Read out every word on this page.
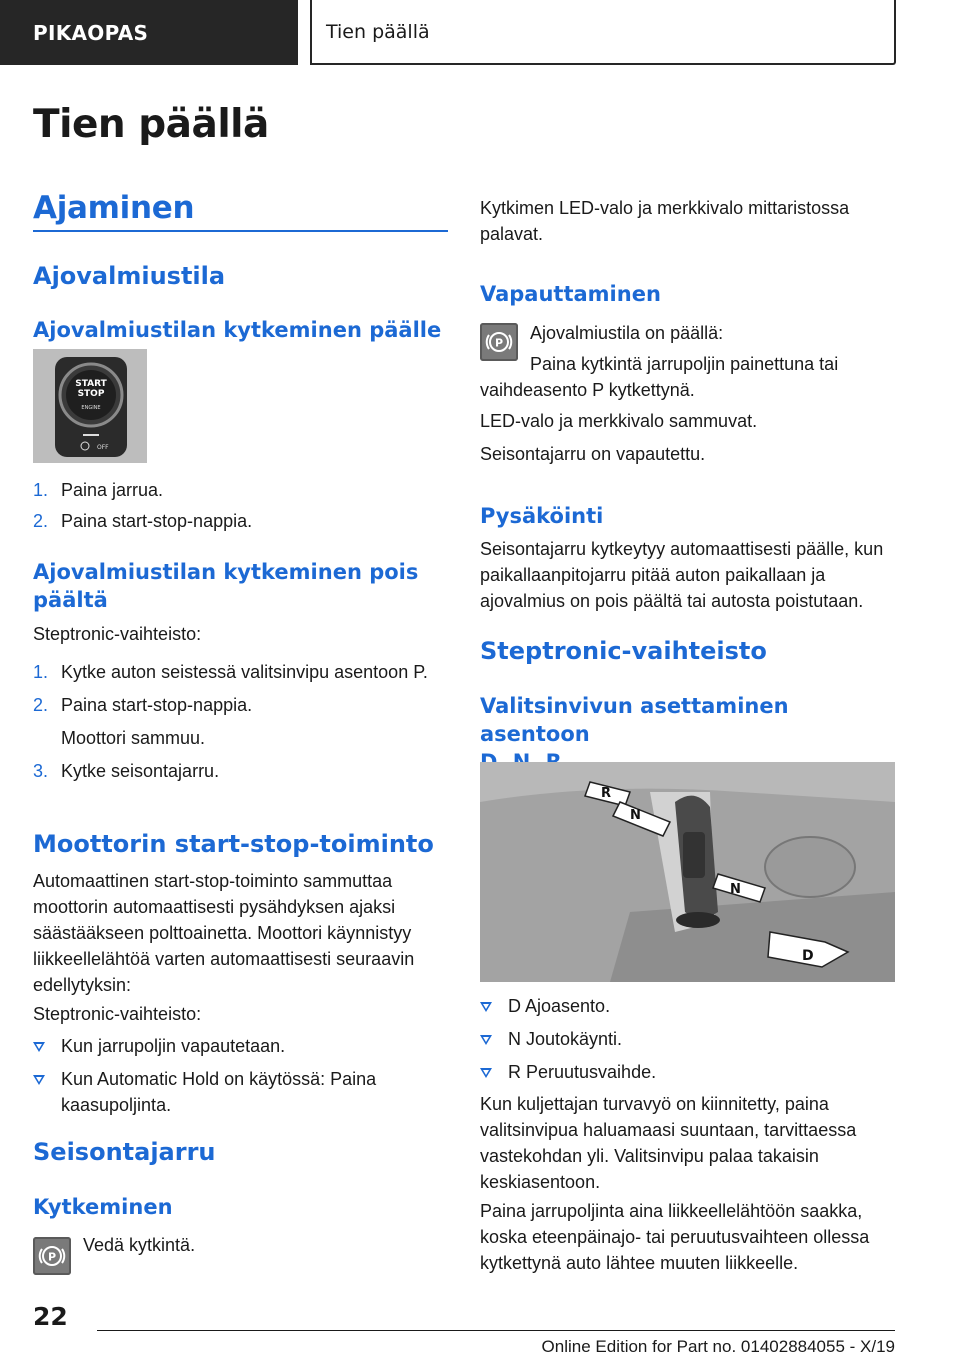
PIKAOPAS	Tien päällä
Tien päällä
Ajaminen
Ajovalmiustila
Ajovalmiustilan kytkeminen päälle
START
STOP
ENGINE
OFF
1. Paina jarrua.
2. Paina start-stop-nappia.
Ajovalmiustilan kytkeminen pois
päältä

Steptronic-vaihteisto:

1. Kytke auton seistessä valitsinvipu asentoon P.
2. Paina start-stop-nappia.
Moottori sammuu.
3. Kytke seisontajarru.
Moottorin start-stop-toiminto

Automaattinen start-stop-toiminto sammuttaa moottorin automaattisesti pysähdyksen ajaksi säästääkseen polttoainetta. Moottori käynnistyy liikkeellelähtöä varten automaattisesti seuraavin edellytyksin:

Steptronic-vaihteisto:

Kun jarrupoljin vapautetaan.
Kun Automatic Hold on käytössä: Paina kaasupoljinta.
Seisontajarru
Kytkeminen
P

Vedä kytkintä.

Kytkimen LED-valo ja merkkivalo mittaristossa palavat.

Vapauttaminen
P Ajovalmiustila on päällä:

Paina kytkintä jarrupoljin painettuna tai vaihdeasento P kytkettynä.

LED-valo ja merkkivalo sammuvat.

Seisontajarru on vapautettu.

Pysäköinti

Seisontajarru kytkeytyy automaattisesti päälle, kun paikallaanpitojarru pitää auton paikallaan ja ajovalmius on pois päältä tai autosta poistutaan.

Steptronic-vaihteisto
Valitsinvivun asettaminen asentoon
R
N
N
D
D Ajoasento.
N Joutokäynti.
R Peruutusvaihde.

Kun kuljettajan turvavyö on kiinnitetty, paina valitsinvipua haluamaasi suuntaan, tarvittaessa vastekohdan yli. Valitsinvipu palaa takaisin keskiasentoon.

Paina jarrupoljinta aina liikkeellelähtöön saakka, koska eteenpäinajo- tai peruutusvaihteen ollessa kytkettynä auto lähtee muuten liikkeelle.

22
Online Edition for Part no. 01402884055 - X/19
